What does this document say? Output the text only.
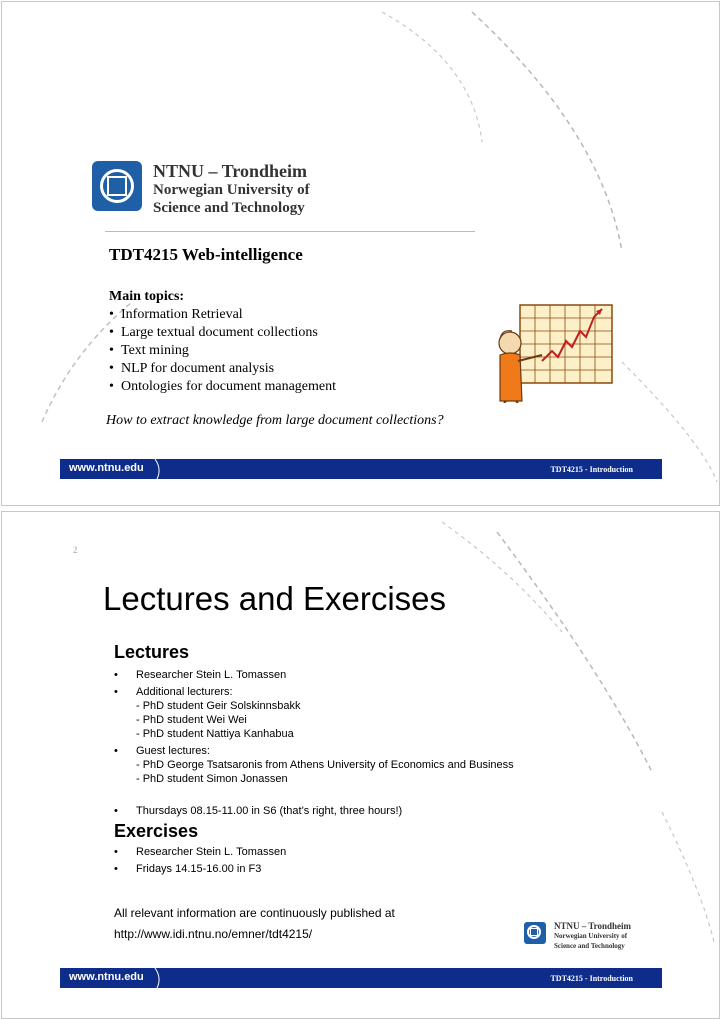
NTNU – Trondheim
Norwegian University of
Science and Technology
TDT4215 Web-intelligence
Main topics:
• Information Retrieval
• Large textual document collections
• Text mining
• NLP for document analysis
• Ontologies for document management
How to extract knowledge from large document collections?
www.ntnu.edu	TDT4215 - Introduction
2
Lectures and Exercises
Lectures
• Researcher Stein L. Tomassen
• Additional lecturers:
- PhD student Geir Solskinnsbakk
- PhD student Wei Wei
- PhD student Nattiya Kanhabua
• Guest lectures:
- PhD George Tsatsaronis from Athens University of Economics and Business
- PhD student Simon Jonassen
• Thursdays 08.15-11.00 in S6 (that’s right, three hours!)
Exercises
• Researcher Stein L. Tomassen
• Fridays 14.15-16.00 in F3
All relevant information are continuously published at
http://www.idi.ntnu.no/emner/tdt4215/
NTNU – Trondheim
Norwegian University of
Science and Technology
www.ntnu.edu	TDT4215 - Introduction
